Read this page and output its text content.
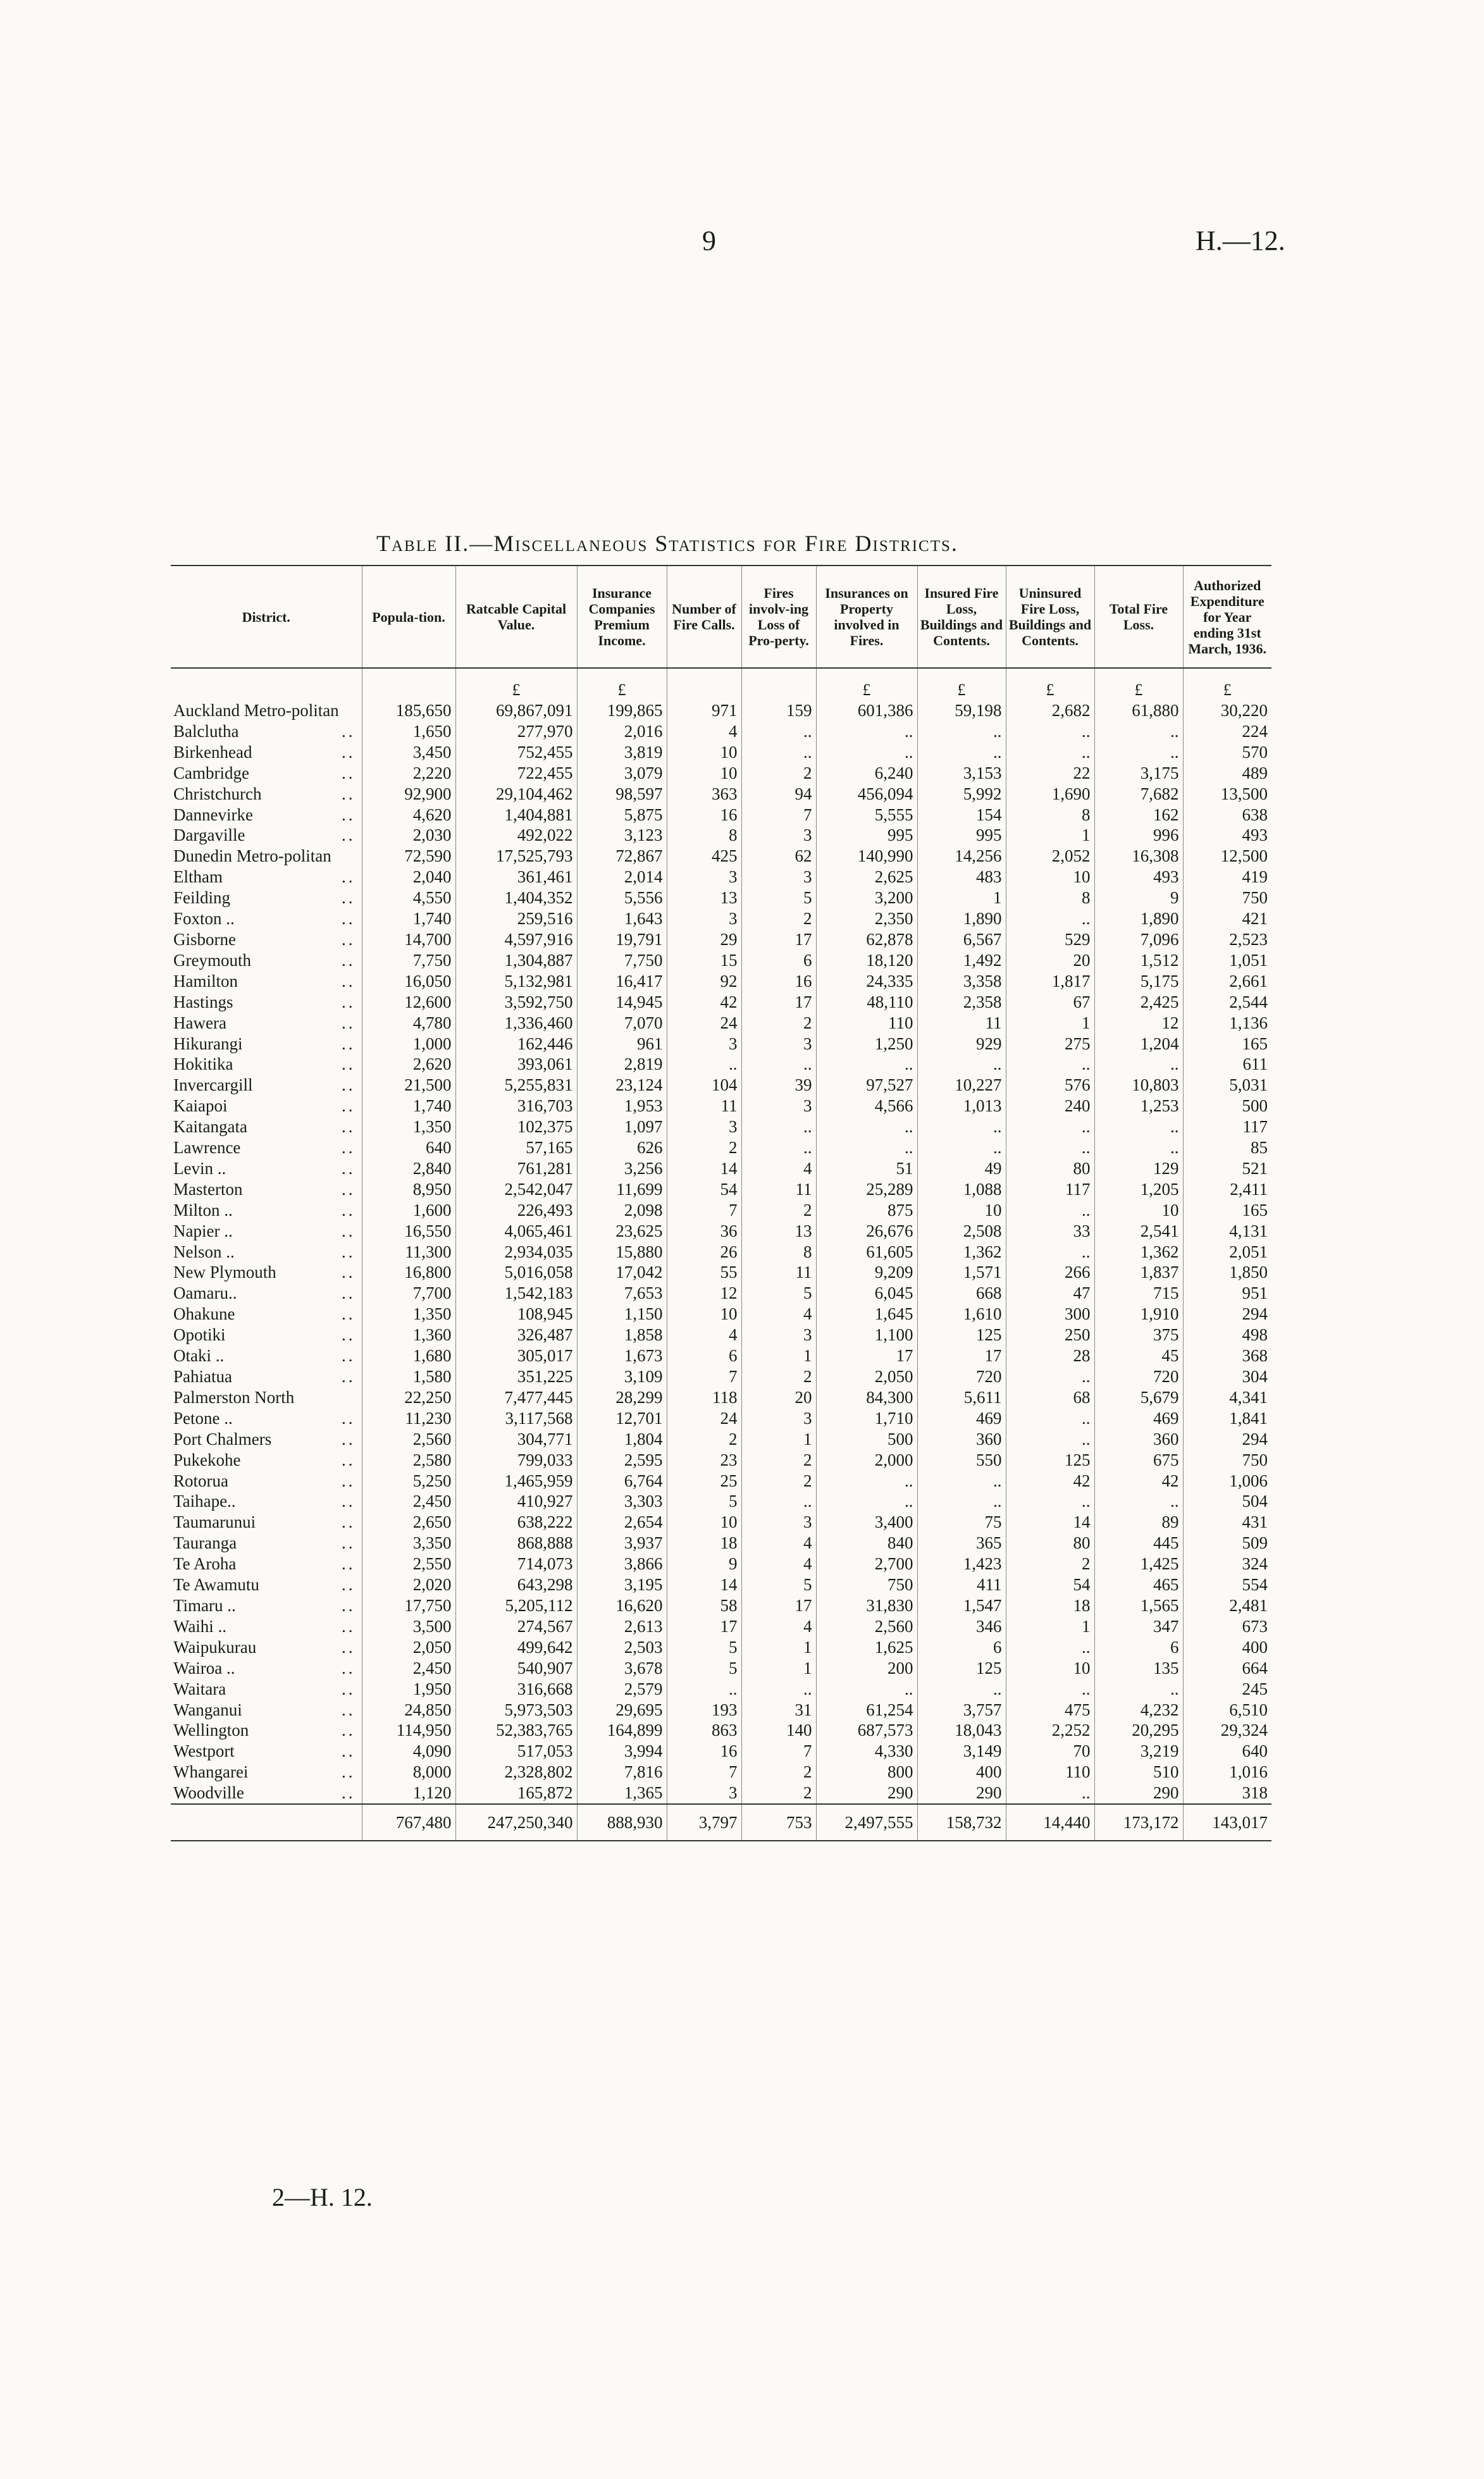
9	H.—12.
Table II.—Miscellaneous Statistics for Fire Districts.
District.	Popula-tion.	Ratcable Capital Value.	Insurance Companies Premium Income.	Number of Fire Calls.	Fires involv-ing Loss of Pro-perty.	Insurances on Property involved in Fires.	Insured Fire Loss, Buildings and Contents.	Uninsured Fire Loss, Buildings and Contents.	Total Fire Loss.	Authorized Expenditure for Year ending 31st March, 1936.
		£	£			£	£	£	£	£

Auckland Metro-politan	185,650	69,867,091	199,865	971	159	601,386	59,198	2,682	61,880	30,220

Balclutha ..	1,650	277,970	2,016	4	..	..	..	..	..	224

Birkenhead ..	3,450	752,455	3,819	10	..	..	..	..	..	570

Cambridge ..	2,220	722,455	3,079	10	2	6,240	3,153	22	3,175	489

Christchurch ..	92,900	29,104,462	98,597	363	94	456,094	5,992	1,690	7,682	13,500

Dannevirke ..	4,620	1,404,881	5,875	16	7	5,555	154	8	162	638

Dargaville ..	2,030	492,022	3,123	8	3	995	995	1	996	493

Dunedin Metro-politan	72,590	17,525,793	72,867	425	62	140,990	14,256	2,052	16,308	12,500

Eltham ..	2,040	361,461	2,014	3	3	2,625	483	10	493	419

Feilding ..	4,550	1,404,352	5,556	13	5	3,200	1	8	9	750

Foxton .. ..	1,740	259,516	1,643	3	2	2,350	1,890	..	1,890	421

Gisborne ..	14,700	4,597,916	19,791	29	17	62,878	6,567	529	7,096	2,523

Greymouth ..	7,750	1,304,887	7,750	15	6	18,120	1,492	20	1,512	1,051

Hamilton ..	16,050	5,132,981	16,417	92	16	24,335	3,358	1,817	5,175	2,661

Hastings ..	12,600	3,592,750	14,945	42	17	48,110	2,358	67	2,425	2,544

Hawera ..	4,780	1,336,460	7,070	24	2	110	11	1	12	1,136

Hikurangi ..	1,000	162,446	961	3	3	1,250	929	275	1,204	165

Hokitika ..	2,620	393,061	2,819	..	..	..	..	..	..	611

Invercargill ..	21,500	5,255,831	23,124	104	39	97,527	10,227	576	10,803	5,031

Kaiapoi ..	1,740	316,703	1,953	11	3	4,566	1,013	240	1,253	500

Kaitangata ..	1,350	102,375	1,097	3	..	..	..	..	..	117

Lawrence ..	640	57,165	626	2	..	..	..	..	..	85

Levin .. ..	2,840	761,281	3,256	14	4	51	49	80	129	521

Masterton ..	8,950	2,542,047	11,699	54	11	25,289	1,088	117	1,205	2,411

Milton .. ..	1,600	226,493	2,098	7	2	875	10	..	10	165

Napier .. ..	16,550	4,065,461	23,625	36	13	26,676	2,508	33	2,541	4,131

Nelson .. ..	11,300	2,934,035	15,880	26	8	61,605	1,362	..	1,362	2,051

New Plymouth ..	16,800	5,016,058	17,042	55	11	9,209	1,571	266	1,837	1,850

Oamaru.. ..	7,700	1,542,183	7,653	12	5	6,045	668	47	715	951

Ohakune ..	1,350	108,945	1,150	10	4	1,645	1,610	300	1,910	294

Opotiki ..	1,360	326,487	1,858	4	3	1,100	125	250	375	498

Otaki .. ..	1,680	305,017	1,673	6	1	17	17	28	45	368

Pahiatua ..	1,580	351,225	3,109	7	2	2,050	720	..	720	304

Palmerston North	22,250	7,477,445	28,299	118	20	84,300	5,611	68	5,679	4,341

Petone .. ..	11,230	3,117,568	12,701	24	3	1,710	469	..	469	1,841

Port Chalmers ..	2,560	304,771	1,804	2	1	500	360	..	360	294

Pukekohe ..	2,580	799,033	2,595	23	2	2,000	550	125	675	750

Rotorua ..	5,250	1,465,959	6,764	25	2	..	..	42	42	1,006

Taihape.. ..	2,450	410,927	3,303	5	..	..	..	..	..	504

Taumarunui ..	2,650	638,222	2,654	10	3	3,400	75	14	89	431

Tauranga ..	3,350	868,888	3,937	18	4	840	365	80	445	509

Te Aroha ..	2,550	714,073	3,866	9	4	2,700	1,423	2	1,425	324

Te Awamutu ..	2,020	643,298	3,195	14	5	750	411	54	465	554

Timaru .. ..	17,750	5,205,112	16,620	58	17	31,830	1,547	18	1,565	2,481

Waihi .. ..	3,500	274,567	2,613	17	4	2,560	346	1	347	673

Waipukurau ..	2,050	499,642	2,503	5	1	1,625	6	..	6	400

Wairoa .. ..	2,450	540,907	3,678	5	1	200	125	10	135	664

Waitara ..	1,950	316,668	2,579	..	..	..	..	..	..	245

Wanganui ..	24,850	5,973,503	29,695	193	31	61,254	3,757	475	4,232	6,510

Wellington ..	114,950	52,383,765	164,899	863	140	687,573	18,043	2,252	20,295	29,324

Westport ..	4,090	517,053	3,994	16	7	4,330	3,149	70	3,219	640

Whangarei ..	8,000	2,328,802	7,816	7	2	800	400	110	510	1,016

Woodville ..	1,120	165,872	1,365	3	2	290	290	..	290	318
	767,480	247,250,340	888,930	3,797	753	2,497,555	158,732	14,440	173,172	143,017
2—H. 12.
